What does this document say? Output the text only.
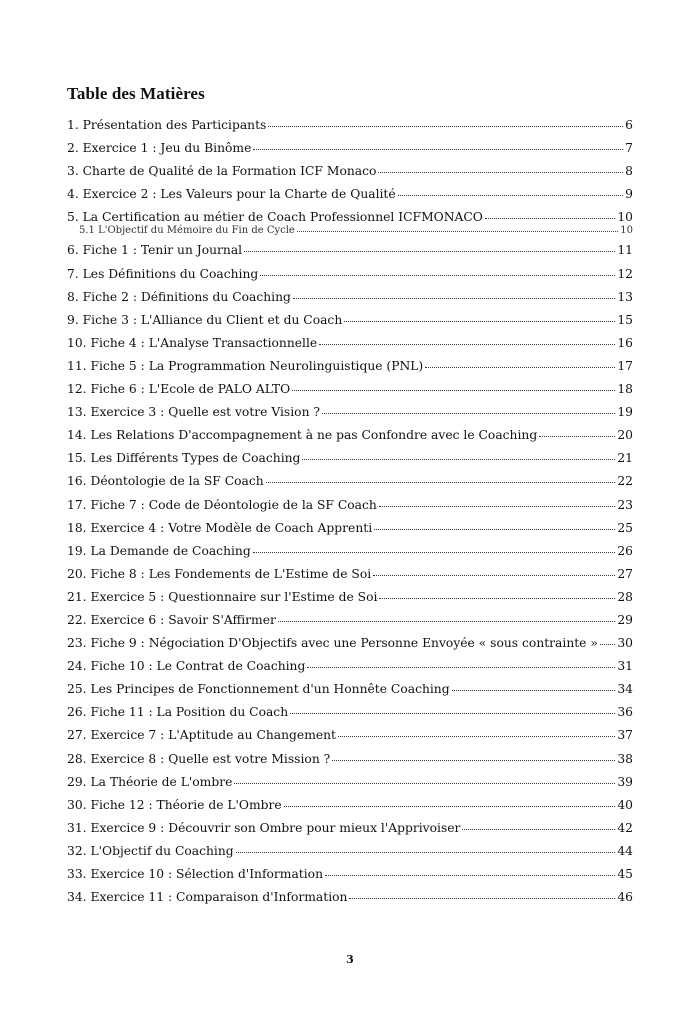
Table des Matières
1. Présentation des Participants	6
2. Exercice 1 : Jeu du Binôme	7
3. Charte de Qualité de la Formation ICF Monaco	8
4. Exercice 2 : Les Valeurs pour la Charte de Qualité	9
5. La Certification au métier de Coach Professionnel ICFMONACO	10
5.1 L'Objectif du Mémoire du Fin de Cycle	10
6. Fiche 1 : Tenir un Journal	11
7. Les Définitions du Coaching	12
8. Fiche 2 : Définitions du Coaching	13
9. Fiche 3 : L'Alliance du Client et du Coach	15
10. Fiche 4 : L'Analyse Transactionnelle	16
11. Fiche 5 : La Programmation Neurolinguistique (PNL)	17
12. Fiche 6 : L'Ecole de PALO ALTO	18
13. Exercice 3 : Quelle est votre Vision ?	19
14. Les Relations D'accompagnement à ne pas Confondre avec le Coaching	20
15. Les Différents Types de Coaching	21
16. Déontologie de la SF Coach	22
17. Fiche 7 : Code de Déontologie de la SF Coach	23
18. Exercice 4 : Votre Modèle de Coach Apprenti	25
19. La Demande de Coaching	26
20. Fiche 8 : Les Fondements de L'Estime de Soi	27
21. Exercice 5 : Questionnaire sur l'Estime de Soi	28
22. Exercice 6 : Savoir S'Affirmer	29
23. Fiche 9 : Négociation D'Objectifs avec une Personne Envoyée « sous contrainte » 30
24. Fiche 10 : Le Contrat de Coaching	31
25. Les Principes de Fonctionnement d'un Honnête Coaching	34
26. Fiche 11 : La Position du Coach	36
27. Exercice 7 : L'Aptitude au Changement	37
28. Exercice 8 : Quelle est votre Mission ?	38
29. La Théorie de L'ombre	39
30. Fiche 12 : Théorie de L'Ombre	40
31. Exercice 9 : Découvrir son Ombre pour mieux l'Apprivoiser	42
32. L'Objectif du Coaching	44
33. Exercice 10 : Sélection d'Information	45
34. Exercice 11 : Comparaison d'Information	46
3
